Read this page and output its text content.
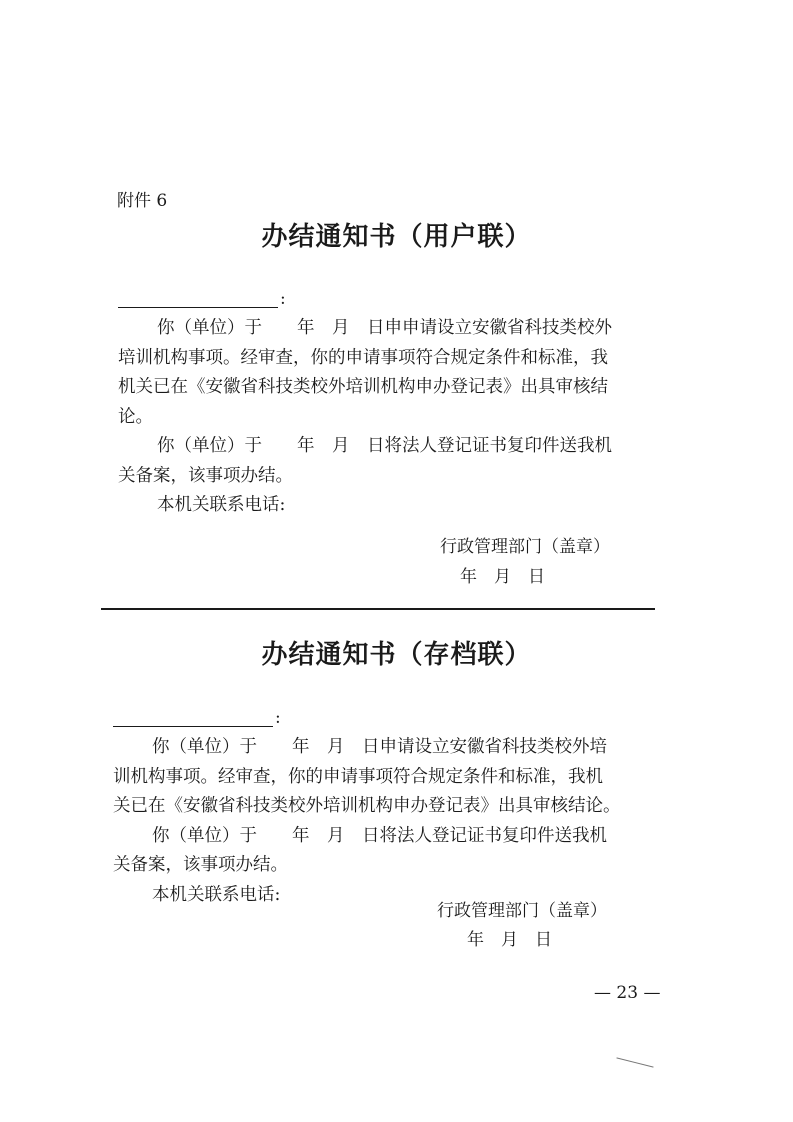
附件 6
办结通知书（用户联）
:
你（单位）于　　年　月　日申申请设立安徽省科技类校外
培训机构事项。经审查，你的申请事项符合规定条件和标准，我
机关已在《安徽省科技类校外培训机构申办登记表》出具审核结
论。
你（单位）于　　年　月　日将法人登记证书复印件送我机
关备案，该事项办结。
本机关联系电话:
行政管理部门（盖章）
年　月　日
办结通知书（存档联）
:
你（单位）于　　年　月　日申请设立安徽省科技类校外培
训机构事项。经审查，你的申请事项符合规定条件和标准，我机
关已在《安徽省科技类校外培训机构申办登记表》出具审核结论。
你（单位）于　　年　月　日将法人登记证书复印件送我机
关备案，该事项办结。
本机关联系电话:
行政管理部门（盖章）
年　月　日
— 23 —
